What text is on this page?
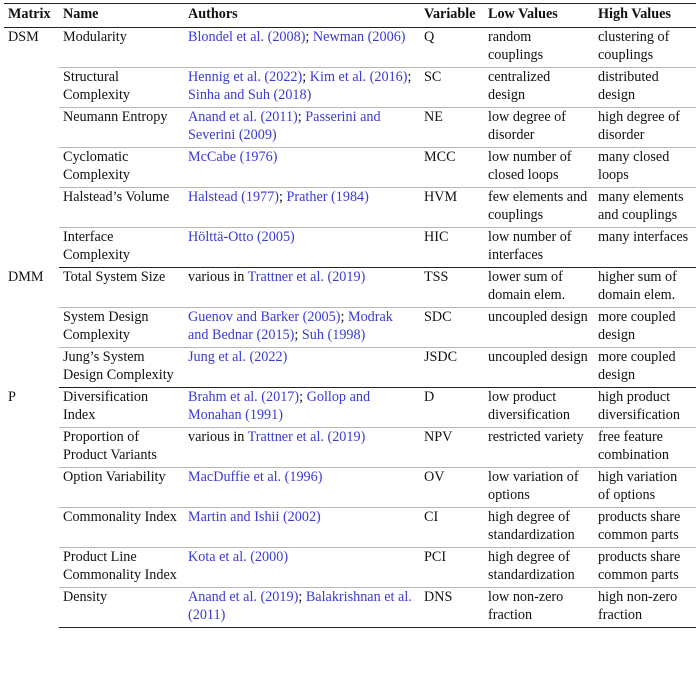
Matrix	Name	Authors	Variable	Low Values	High Values
DSM	Modularity	Blondel et al. (2008); Newman (2006)	Q	random couplings	clustering of couplings
	Structural Complexity	Hennig et al. (2022); Kim et al. (2016); Sinha and Suh (2018)	SC	centralized design	distributed design
	Neumann Entropy	Anand et al. (2011); Passerini and Severini (2009)	NE	low degree of disorder	high degree of disorder
	Cyclomatic Complexity	McCabe (1976)	MCC	low number of closed loops	many closed loops
	Halstead’s Volume	Halstead (1977); Prather (1984)	HVM	few elements and couplings	many elements and couplings
	Interface Complexity	Hölttä-Otto (2005)	HIC	low number of interfaces	many interfaces
DMM	Total System Size	various in Trattner et al. (2019)	TSS	lower sum of domain elem.	higher sum of domain elem.
	System Design Complexity	Guenov and Barker (2005); Modrak and Bednar (2015); Suh (1998)	SDC	uncoupled design	more coupled design
	Jung’s System Design Complexity	Jung et al. (2022)	JSDC	uncoupled design	more coupled design
P	Diversification Index	Brahm et al. (2017); Gollop and Monahan (1991)	D	low product diversification	high product diversification
	Proportion of Product Variants	various in Trattner et al. (2019)	NPV	restricted variety	free feature combination
	Option Variability	MacDuffie et al. (1996)	OV	low variation of options	high variation of options
	Commonality Index	Martin and Ishii (2002)	CI	high degree of standardization	products share common parts
	Product Line Commonality Index	Kota et al. (2000)	PCI	high degree of standardization	products share common parts
	Density	Anand et al. (2019); Balakrishnan et al. (2011)	DNS	low non-zero fraction	high non-zero fraction
